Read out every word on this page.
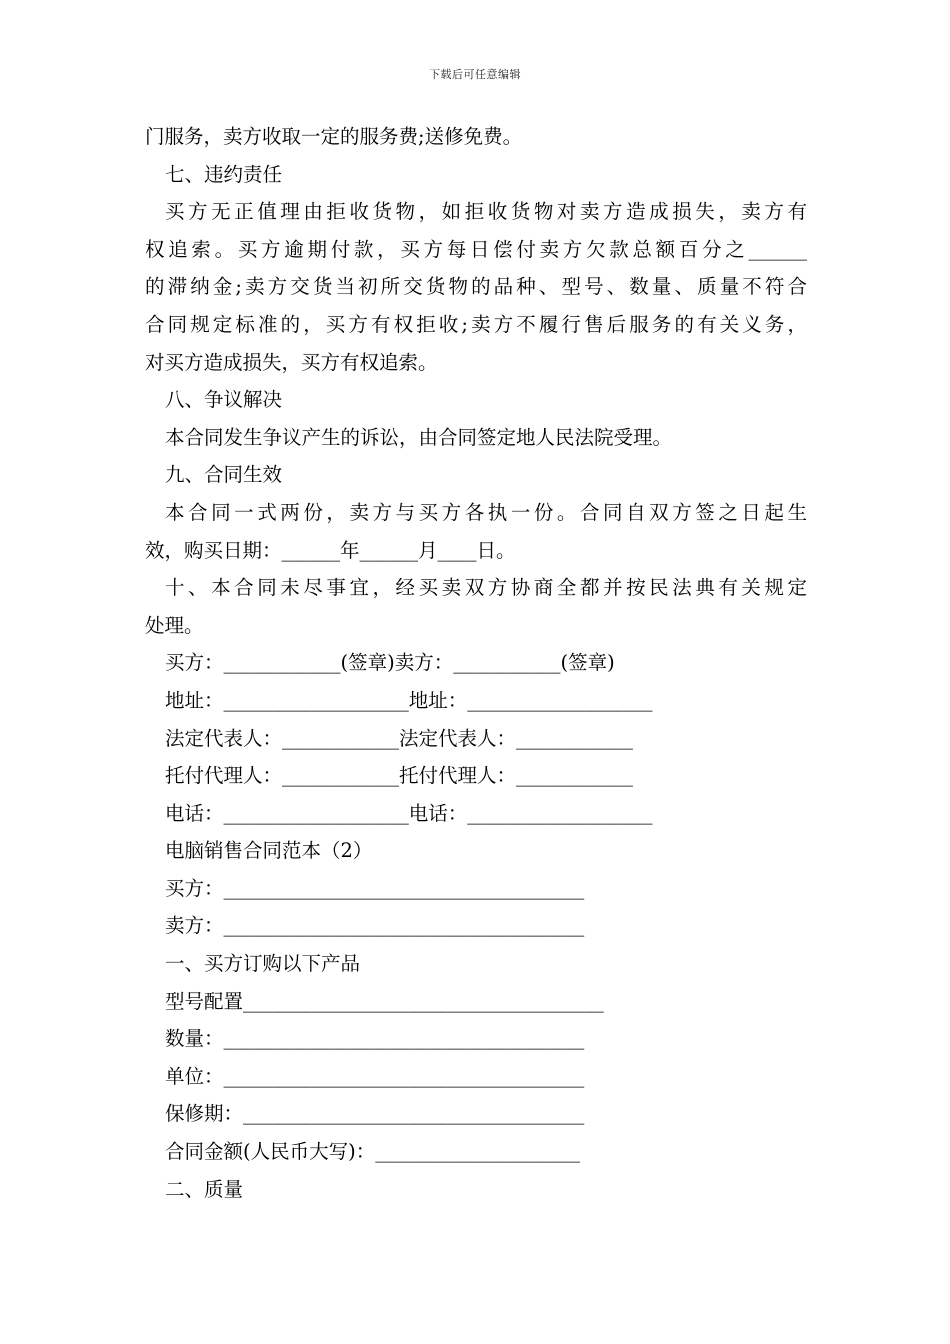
下载后可任意编辑
门服务，卖方收取一定的服务费;送修免费。
七、违约责任
买方无正值理由拒收货物，如拒收货物对卖方造成损失，卖方有
权追索。买方逾期付款，买方每日偿付卖方欠款总额百分之______
的滞纳金;卖方交货当初所交货物的品种、型号、数量、质量不符合
合同规定标准的，买方有权拒收;卖方不履行售后服务的有关义务，
对买方造成损失，买方有权追索。
八、争议解决
本合同发生争议产生的诉讼，由合同签定地人民法院受理。
九、合同生效
本合同一式两份，卖方与买方各执一份。合同自双方签之日起生
效，购买日期：______年______月____日。
十、本合同未尽事宜，经买卖双方协商全都并按民法典有关规定
处理。
买方：____________(签章)卖方：___________(签章)
地址：___________________地址：___________________
法定代表人：____________法定代表人：____________
托付代理人：____________托付代理人：____________
电话：___________________电话：___________________
电脑销售合同范本（2）
买方：_____________________________________
卖方：_____________________________________
一、买方订购以下产品
型号配置_____________________________________
数量：_____________________________________
单位：_____________________________________
保修期：___________________________________
合同金额(人民币大写)：_____________________
二、质量
